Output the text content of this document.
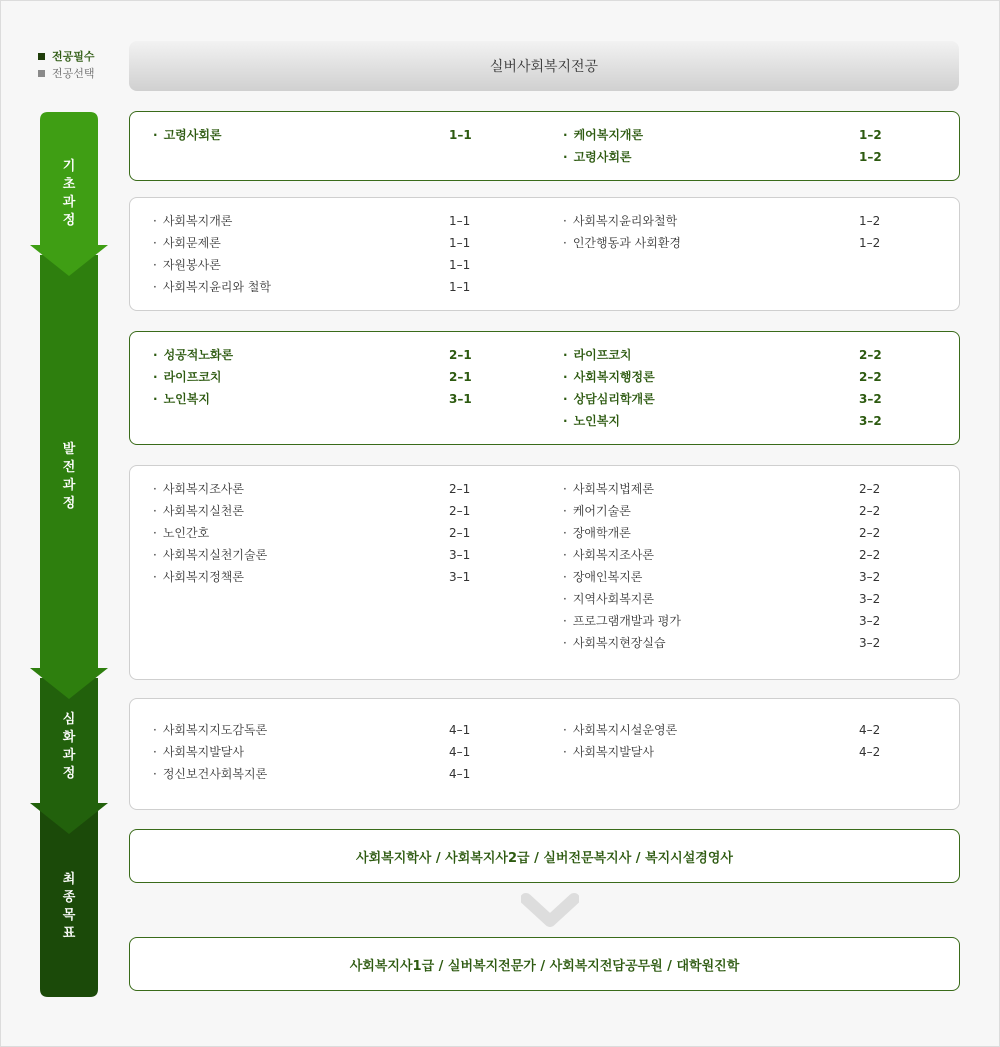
전공필수
전공선택	실버사회복지전공
기
초
과
정
발
전
과
정
심
화
과
정
최
종
목
표
· 고령사회론	1–1
·	케어복지개론	1–2
· 고령사회론	1–2
· 사회복지개론	1–1
· 사회문제론	1–1
· 자원봉사론	1–1
· 사회복지윤리와 철학	1–1
· 사회복지윤리와철학	1–2
· 인간행동과 사회환경	1–2
· 성공적노화론	2–1
· 라이프코치	2–1
· 노인복지	3–1
· 라이프코치	2–2
· 사회복지행정론	2–2
· 상담심리학개론	3–2
· 노인복지	3–2
· 사회복지조사론	2–1
· 사회복지실천론	2–1
· 노인간호	2–1
· 사회복지실천기술론	3–1
· 사회복지정책론	3–1
· 사회복지법제론	2–2
· 케어기술론	2–2
· 장애학개론	2–2
· 사회복지조사론	2–2
· 장애인복지론	3–2
· 지역사회복지론	3–2
· 프로그램개발과 평가	3–2
· 사회복지현장실습	3–2
· 사회복지지도감독론	4–1
· 사회복지발달사	4–1
· 정신보건사회복지론	4–1
· 사회복지시설운영론	4–2
· 사회복지발달사	4–2
사회복지학사 / 사회복지사2급 / 실버전문복지사 / 복지시설경영사
사회복지사1급 / 실버복지전문가 / 사회복지전담공무원 / 대학원진학
